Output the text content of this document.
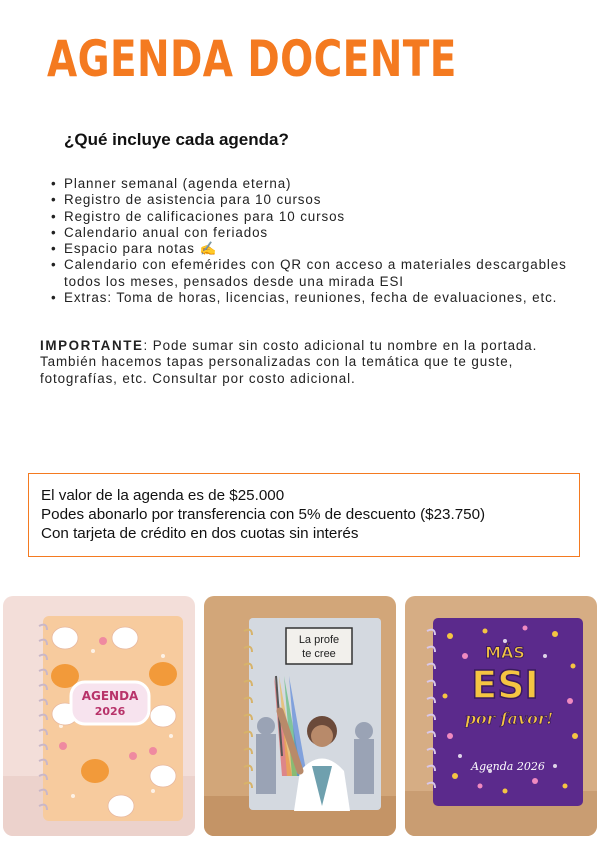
AGENDA DOCENTE
¿Qué incluye cada agenda?
• Planner semanal (agenda eterna)
• Registro de asistencia para 10 cursos
• Registro de calificaciones para 10 cursos
• Calendario anual con feriados
• Espacio para notas ✍️
• Calendario con efemérides con QR con acceso a materiales descargables todos los meses, pensados desde una mirada ESI
• Extras: Toma de horas, licencias, reuniones, fecha de evaluaciones, etc.

IMPORTANTE: Pode sumar sin costo adicional tu nombre en la portada.
También hacemos tapas personalizadas con la temática que te guste, fotografías, etc. Consultar por costo adicional.

El valor de la agenda es de $25.000
Podes abonarlo por transferencia con 5% de descuento ($23.750)
Con tarjeta de crédito en dos cuotas sin interés
AGENDA
2026
La profe
te cree	MÁS
ESI
por favor!
Agenda 2026
